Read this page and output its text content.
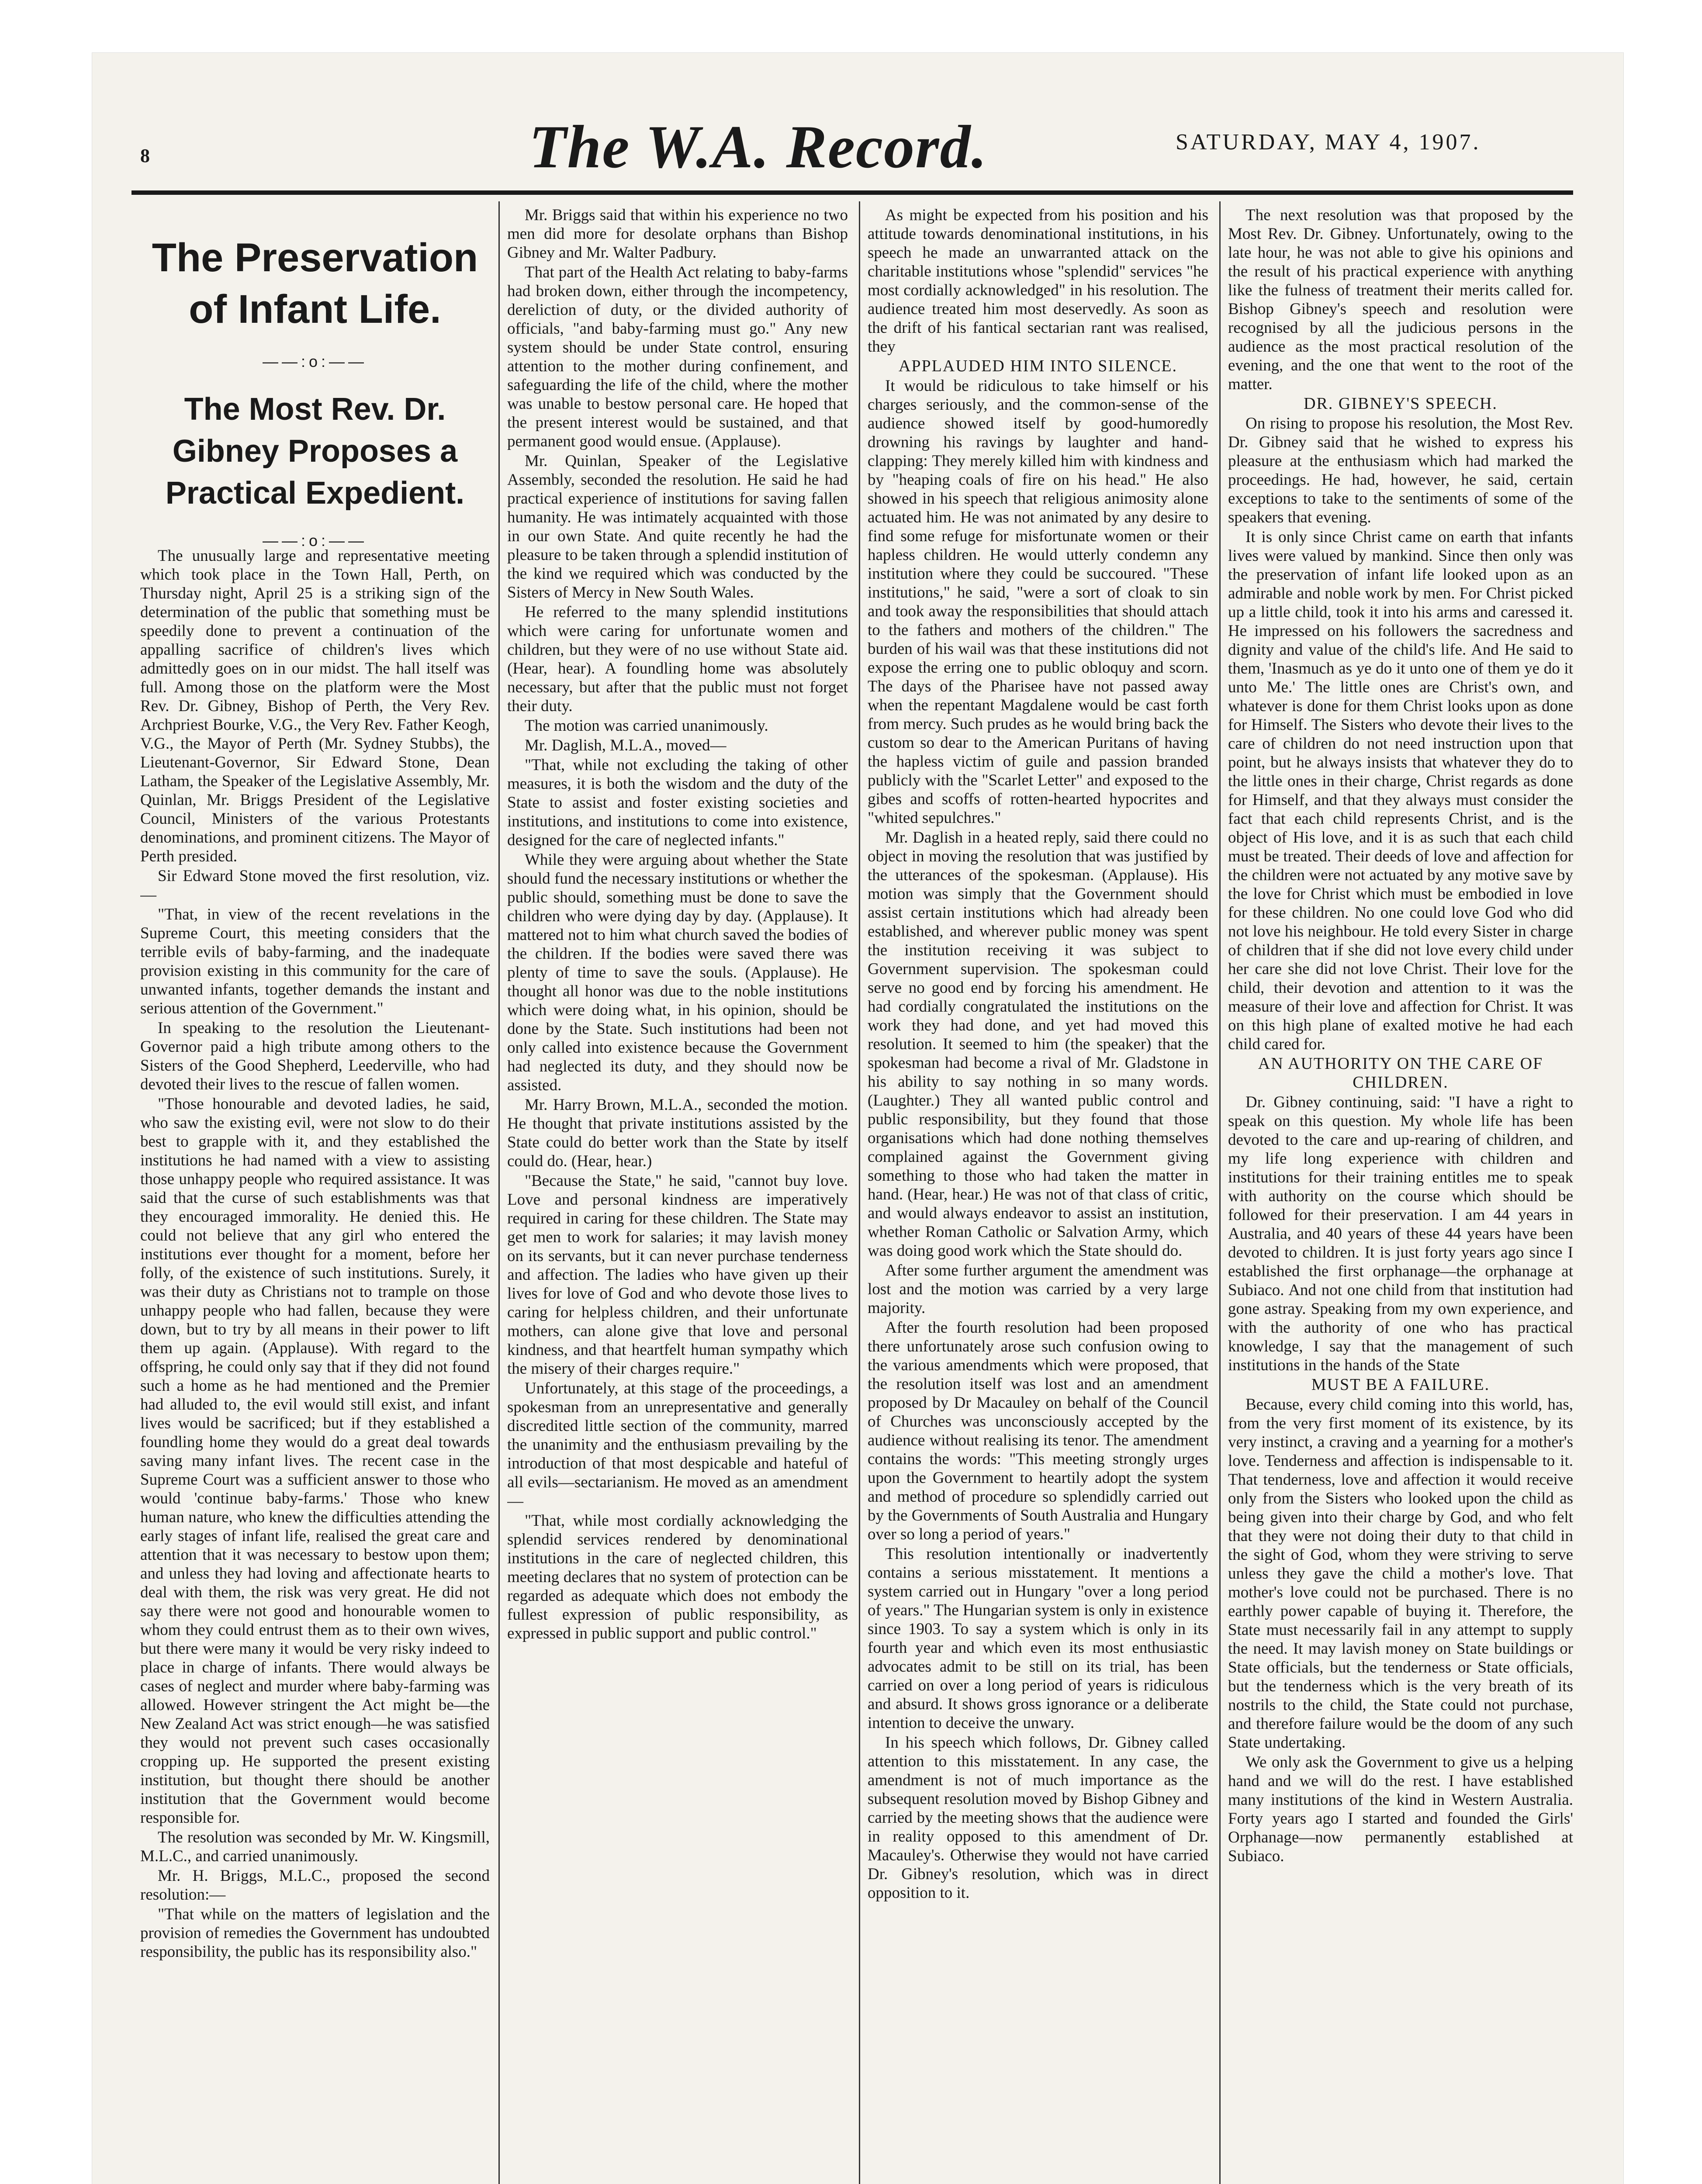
8	The W.A. Record.	SATURDAY, MAY 4, 1907.
The Preservation of Infant Life.
——:o:——
The Most Rev. Dr. Gibney Proposes a Practical Expedient.
——:o:——

The unusually large and representative meeting which took place in the Town Hall, Perth, on Thursday night, April 25 is a striking sign of the determination of the public that something must be speedily done to prevent a continuation of the appalling sacrifice of children's lives which admittedly goes on in our midst. The hall itself was full. Among those on the platform were the Most Rev. Dr. Gibney, Bishop of Perth, the Very Rev. Archpriest Bourke, V.G., the Very Rev. Father Keogh, V.G., the Mayor of Perth (Mr. Sydney Stubbs), the Lieutenant-Governor, Sir Edward Stone, Dean Latham, the Speaker of the Legislative Assembly, Mr. Quinlan, Mr. Briggs President of the Legislative Council, Ministers of the various Protestants denominations, and prominent citizens. The Mayor of Perth presided.

Sir Edward Stone moved the first resolution, viz.—

"That, in view of the recent revelations in the Supreme Court, this meeting considers that the terrible evils of baby-farming, and the inadequate provision existing in this community for the care of unwanted infants, together demands the instant and serious attention of the Government."

In speaking to the resolution the Lieutenant-Governor paid a high tribute among others to the Sisters of the Good Shepherd, Leederville, who had devoted their lives to the rescue of fallen women.

"Those honourable and devoted ladies, he said, who saw the existing evil, were not slow to do their best to grapple with it, and they established the institutions he had named with a view to assisting those unhappy people who required assistance. It was said that the curse of such establishments was that they encouraged immorality. He denied this. He could not believe that any girl who entered the institutions ever thought for a moment, before her folly, of the existence of such institutions. Surely, it was their duty as Christians not to trample on those unhappy people who had fallen, because they were down, but to try by all means in their power to lift them up again. (Applause). With regard to the offspring, he could only say that if they did not found such a home as he had mentioned and the Premier had alluded to, the evil would still exist, and infant lives would be sacrificed; but if they established a foundling home they would do a great deal towards saving many infant lives. The recent case in the Supreme Court was a sufficient answer to those who would 'continue baby-farms.' Those who knew human nature, who knew the difficulties attending the early stages of infant life, realised the great care and attention that it was necessary to bestow upon them; and unless they had loving and affectionate hearts to deal with them, the risk was very great. He did not say there were not good and honourable women to whom they could entrust them as to their own wives, but there were many it would be very risky indeed to place in charge of infants. There would always be cases of neglect and murder where baby-farming was allowed. However stringent the Act might be—the New Zealand Act was strict enough—he was satisfied they would not prevent such cases occasionally cropping up. He supported the present existing institution, but thought there should be another institution that the Government would become responsible for.

The resolution was seconded by Mr. W. Kingsmill, M.L.C., and carried unanimously.

Mr. H. Briggs, M.L.C., proposed the second resolution:—

"That while on the matters of legislation and the provision of remedies the Government has undoubted responsibility, the public has its responsibility also."

Mr. Briggs said that within his experience no two men did more for desolate orphans than Bishop Gibney and Mr. Walter Padbury.

That part of the Health Act relating to baby-farms had broken down, either through the incompetency, dereliction of duty, or the divided authority of officials, "and baby-farming must go." Any new system should be under State control, ensuring attention to the mother during confinement, and safeguarding the life of the child, where the mother was unable to bestow personal care. He hoped that the present interest would be sustained, and that permanent good would ensue. (Applause).

Mr. Quinlan, Speaker of the Legislative Assembly, seconded the resolution. He said he had practical experience of institutions for saving fallen humanity. He was intimately acquainted with those in our own State. And quite recently he had the pleasure to be taken through a splendid institution of the kind we required which was conducted by the Sisters of Mercy in New South Wales.

He referred to the many splendid institutions which were caring for unfortunate women and children, but they were of no use without State aid. (Hear, hear). A foundling home was absolutely necessary, but after that the public must not forget their duty.

The motion was carried unanimously.

Mr. Daglish, M.L.A., moved—

"That, while not excluding the taking of other measures, it is both the wisdom and the duty of the State to assist and foster existing societies and institutions, and institutions to come into existence, designed for the care of neglected infants."

While they were arguing about whether the State should fund the necessary institutions or whether the public should, something must be done to save the children who were dying day by day. (Applause). It mattered not to him what church saved the bodies of the children. If the bodies were saved there was plenty of time to save the souls. (Applause). He thought all honor was due to the noble institutions which were doing what, in his opinion, should be done by the State. Such institutions had been not only called into existence because the Government had neglected its duty, and they should now be assisted.

Mr. Harry Brown, M.L.A., seconded the motion. He thought that private institutions assisted by the State could do better work than the State by itself could do. (Hear, hear.)

"Because the State," he said, "cannot buy love. Love and personal kindness are imperatively required in caring for these children. The State may get men to work for salaries; it may lavish money on its servants, but it can never purchase tenderness and affection. The ladies who have given up their lives for love of God and who devote those lives to caring for helpless children, and their unfortunate mothers, can alone give that love and personal kindness, and that heartfelt human sympathy which the misery of their charges require."

Unfortunately, at this stage of the proceedings, a spokesman from an unrepresentative and generally discredited little section of the community, marred the unanimity and the enthusiasm prevailing by the introduction of that most despicable and hateful of all evils—sectarianism. He moved as an amendment—

"That, while most cordially acknowledging the splendid services rendered by denominational institutions in the care of neglected children, this meeting declares that no system of protection can be regarded as adequate which does not embody the fullest expression of public responsibility, as expressed in public support and public control."

As might be expected from his position and his attitude towards denominational institutions, in his speech he made an unwarranted attack on the charitable institutions whose "splendid" services "he most cordially acknowledged" in his resolution. The audience treated him most deservedly. As soon as the drift of his fantical sectarian rant was realised, they

APPLAUDED HIM INTO SILENCE.

It would be ridiculous to take himself or his charges seriously, and the common-sense of the audience showed itself by good-humoredly drowning his ravings by laughter and hand-clapping: They merely killed him with kindness and by "heaping coals of fire on his head." He also showed in his speech that religious animosity alone actuated him. He was not animated by any desire to find some refuge for misfortunate women or their hapless children. He would utterly condemn any institution where they could be succoured. "These institutions," he said, "were a sort of cloak to sin and took away the responsibilities that should attach to the fathers and mothers of the children." The burden of his wail was that these institutions did not expose the erring one to public obloquy and scorn. The days of the Pharisee have not passed away when the repentant Magdalene would be cast forth from mercy. Such prudes as he would bring back the custom so dear to the American Puritans of having the hapless victim of guile and passion branded publicly with the "Scarlet Letter" and exposed to the gibes and scoffs of rotten-hearted hypocrites and "whited sepulchres."

Mr. Daglish in a heated reply, said there could no object in moving the resolution that was justified by the utterances of the spokesman. (Applause). His motion was simply that the Government should assist certain institutions which had already been established, and wherever public money was spent the institution receiving it was subject to Government supervision. The spokesman could serve no good end by forcing his amendment. He had cordially congratulated the institutions on the work they had done, and yet had moved this resolution. It seemed to him (the speaker) that the spokesman had become a rival of Mr. Gladstone in his ability to say nothing in so many words. (Laughter.) They all wanted public control and public responsibility, but they found that those organisations which had done nothing themselves complained against the Government giving something to those who had taken the matter in hand. (Hear, hear.) He was not of that class of critic, and would always endeavor to assist an institution, whether Roman Catholic or Salvation Army, which was doing good work which the State should do.

After some further argument the amendment was lost and the motion was carried by a very large majority.

After the fourth resolution had been proposed there unfortunately arose such confusion owing to the various amendments which were proposed, that the resolution itself was lost and an amendment proposed by Dr Macauley on behalf of the Council of Churches was unconsciously accepted by the audience without realising its tenor. The amendment contains the words: "This meeting strongly urges upon the Government to heartily adopt the system and method of procedure so splendidly carried out by the Governments of South Australia and Hungary over so long a period of years."

This resolution intentionally or inadvertently contains a serious misstatement. It mentions a system carried out in Hungary "over a long period of years." The Hungarian system is only in existence since 1903. To say a system which is only in its fourth year and which even its most enthusiastic advocates admit to be still on its trial, has been carried on over a long period of years is ridiculous and absurd. It shows gross ignorance or a deliberate intention to deceive the unwary.

In his speech which follows, Dr. Gibney called attention to this misstatement. In any case, the amendment is not of much importance as the subsequent resolution moved by Bishop Gibney and carried by the meeting shows that the audience were in reality opposed to this amendment of Dr. Macauley's. Otherwise they would not have carried Dr. Gibney's resolution, which was in direct opposition to it.

The next resolution was that proposed by the Most Rev. Dr. Gibney. Unfortunately, owing to the late hour, he was not able to give his opinions and the result of his practical experience with anything like the fulness of treatment their merits called for. Bishop Gibney's speech and resolution were recognised by all the judicious persons in the audience as the most practical resolution of the evening, and the one that went to the root of the matter.

DR. GIBNEY'S SPEECH.

On rising to propose his resolution, the Most Rev. Dr. Gibney said that he wished to express his pleasure at the enthusiasm which had marked the proceedings. He had, however, he said, certain exceptions to take to the sentiments of some of the speakers that evening.

It is only since Christ came on earth that infants lives were valued by mankind. Since then only was the preservation of infant life looked upon as an admirable and noble work by men. For Christ picked up a little child, took it into his arms and caressed it. He impressed on his followers the sacredness and dignity and value of the child's life. And He said to them, 'Inasmuch as ye do it unto one of them ye do it unto Me.' The little ones are Christ's own, and whatever is done for them Christ looks upon as done for Himself. The Sisters who devote their lives to the care of children do not need instruction upon that point, but he always insists that whatever they do to the little ones in their charge, Christ regards as done for Himself, and that they always must consider the fact that each child represents Christ, and is the object of His love, and it is as such that each child must be treated. Their deeds of love and affection for the children were not actuated by any motive save by the love for Christ which must be embodied in love for these children. No one could love God who did not love his neighbour. He told every Sister in charge of children that if she did not love every child under her care she did not love Christ. Their love for the child, their devotion and attention to it was the measure of their love and affection for Christ. It was on this high plane of exalted motive he had each child cared for.

AN AUTHORITY ON THE CARE OF CHILDREN.

Dr. Gibney continuing, said: "I have a right to speak on this question. My whole life has been devoted to the care and up-rearing of children, and my life long experience with children and institutions for their training entitles me to speak with authority on the course which should be followed for their preservation. I am 44 years in Australia, and 40 years of these 44 years have been devoted to children. It is just forty years ago since I established the first orphanage—the orphanage at Subiaco. And not one child from that institution had gone astray. Speaking from my own experience, and with the authority of one who has practical knowledge, I say that the management of such institutions in the hands of the State

MUST BE A FAILURE.

Because, every child coming into this world, has, from the very first moment of its existence, by its very instinct, a craving and a yearning for a mother's love. Tenderness and affection is indispensable to it. That tenderness, love and affection it would receive only from the Sisters who looked upon the child as being given into their charge by God, and who felt that they were not doing their duty to that child in the sight of God, whom they were striving to serve unless they gave the child a mother's love. That mother's love could not be purchased. There is no earthly power capable of buying it. Therefore, the State must necessarily fail in any attempt to supply the need. It may lavish money on State buildings or State officials, but the tenderness or State officials, but the tenderness which is the very breath of its nostrils to the child, the State could not purchase, and therefore failure would be the doom of any such State undertaking.

We only ask the Government to give us a helping hand and we will do the rest. I have established many institutions of the kind in Western Australia. Forty years ago I started and founded the Girls' Orphanage—now permanently established at Subiaco.
